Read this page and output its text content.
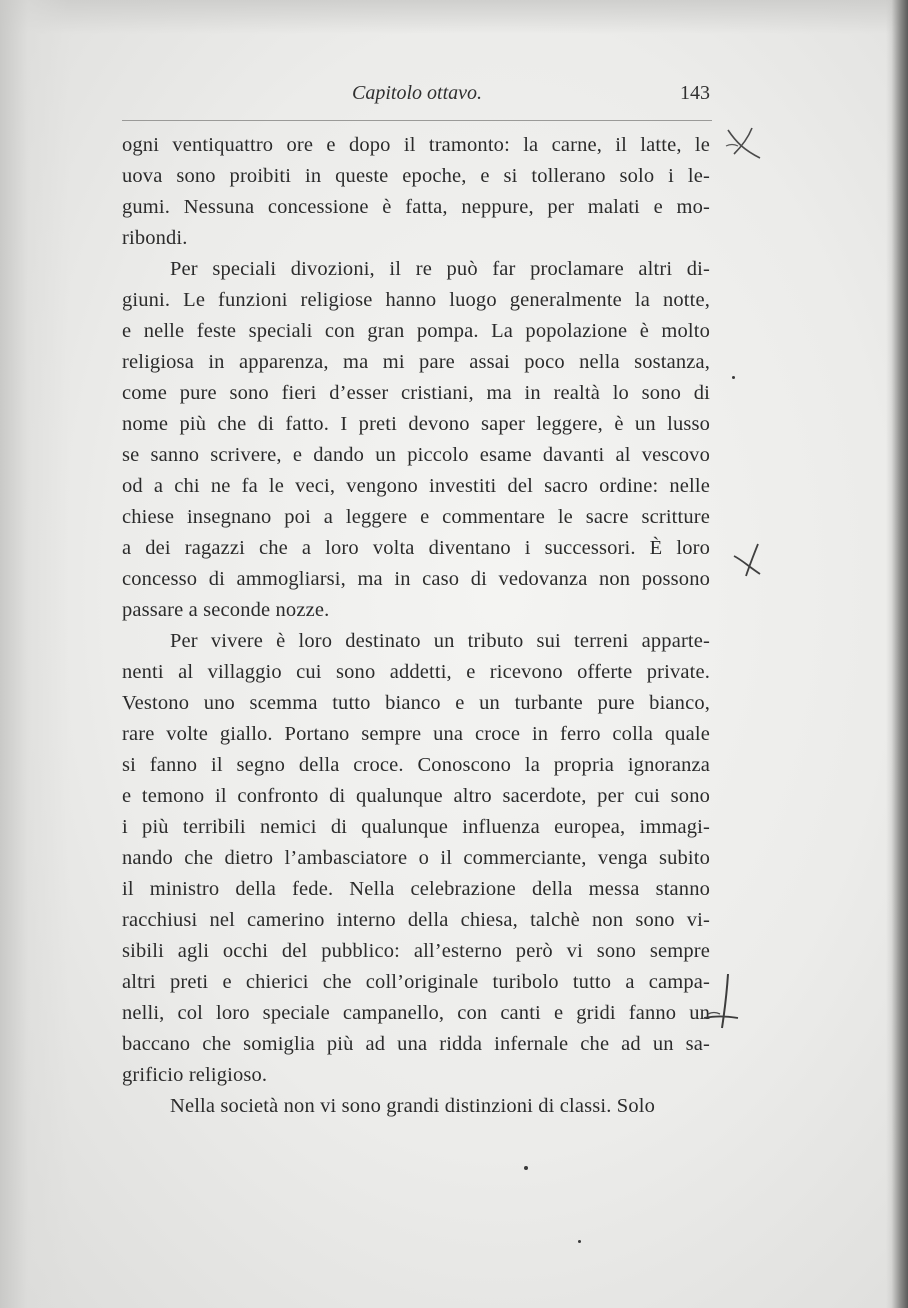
Capitolo ottavo.	143
ogni ventiquattro ore e dopo il tramonto: la carne, il latte, le
uova sono proibiti in queste epoche, e si tollerano solo i le-
gumi. Nessuna concessione è fatta, neppure, per malati e mo-
ribondi.
Per speciali divozioni, il re può far proclamare altri di-
giuni. Le funzioni religiose hanno luogo generalmente la notte,
e nelle feste speciali con gran pompa. La popolazione è molto
religiosa in apparenza, ma mi pare assai poco nella sostanza,
come pure sono fieri d’esser cristiani, ma in realtà lo sono di
nome più che di fatto. I preti devono saper leggere, è un lusso
se sanno scrivere, e dando un piccolo esame davanti al vescovo
od a chi ne fa le veci, vengono investiti del sacro ordine: nelle
chiese insegnano poi a leggere e commentare le sacre scritture
a dei ragazzi che a loro volta diventano i successori. È loro
concesso di ammogliarsi, ma in caso di vedovanza non possono
passare a seconde nozze.
Per vivere è loro destinato un tributo sui terreni apparte-
nenti al villaggio cui sono addetti, e ricevono offerte private.
Vestono uno scemma tutto bianco e un turbante pure bianco,
rare volte giallo. Portano sempre una croce in ferro colla quale
si fanno il segno della croce. Conoscono la propria ignoranza
e temono il confronto di qualunque altro sacerdote, per cui sono
i più terribili nemici di qualunque influenza europea, immagi-
nando che dietro l’ambasciatore o il commerciante, venga subito
il ministro della fede. Nella celebrazione della messa stanno
racchiusi nel camerino interno della chiesa, talchè non sono vi-
sibili agli occhi del pubblico: all’esterno però vi sono sempre
altri preti e chierici che coll’originale turibolo tutto a campa-
nelli, col loro speciale campanello, con canti e gridi fanno un
baccano che somiglia più ad una ridda infernale che ad un sa-
grificio religioso.
Nella società non vi sono grandi distinzioni di classi. Solo
